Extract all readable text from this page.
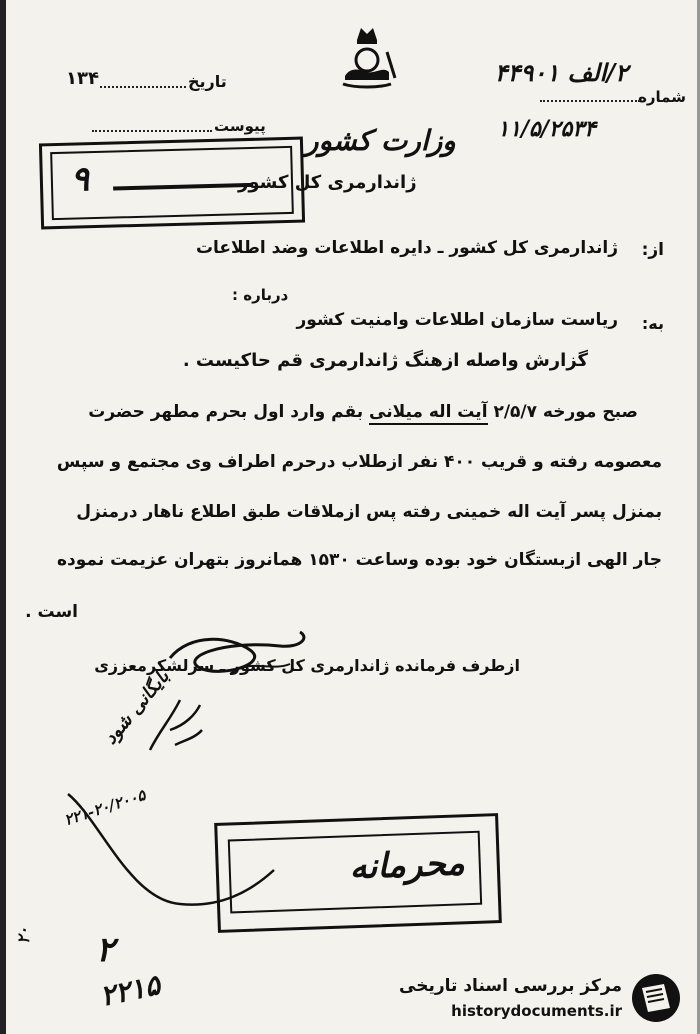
تاریخ
۱۳۴
پیوست
شماره
۲/الف ۴۴۹۰۱
۱۱/۵/۲۵۳۴
وزارت کشور
ژاندارمری کل کشور
۹
از:
ژاندارمری کل کشور ـ دایره اطلاعات وضد اطلاعات
درباره :
به:
ریاست سازمان اطلاعات وامنیت کشور
گزارش واصله ازهنگ ژاندارمری قم حاکیست .
صبح مورخه ۲/۵/۷ آیت اله میلانی بقم وارد اول بحرم مطهر حضرت
معصومه رفته و قریب ۴۰۰ نفر ازطلاب درحرم اطراف وی مجتمع و سپس
بمنزل پسر آیت اله خمینی رفته پس ازملاقات طبق اطلاع ناهار درمنزل
جار الهی ازبستگان خود بوده وساعت ۱۵۳۰ همانروز بتهران عزیمت نموده
است .
ازطرف فرمانده ژاندارمری کل کشور ـ سرلشکرمعززی
بایگانی شود
۲۲۱-۲۰/۲۰۰۵
محرمانه
۲۰ ۲
۲۲۱۵	مرکز بررسی اسناد تاریخی
historydocuments.ir
